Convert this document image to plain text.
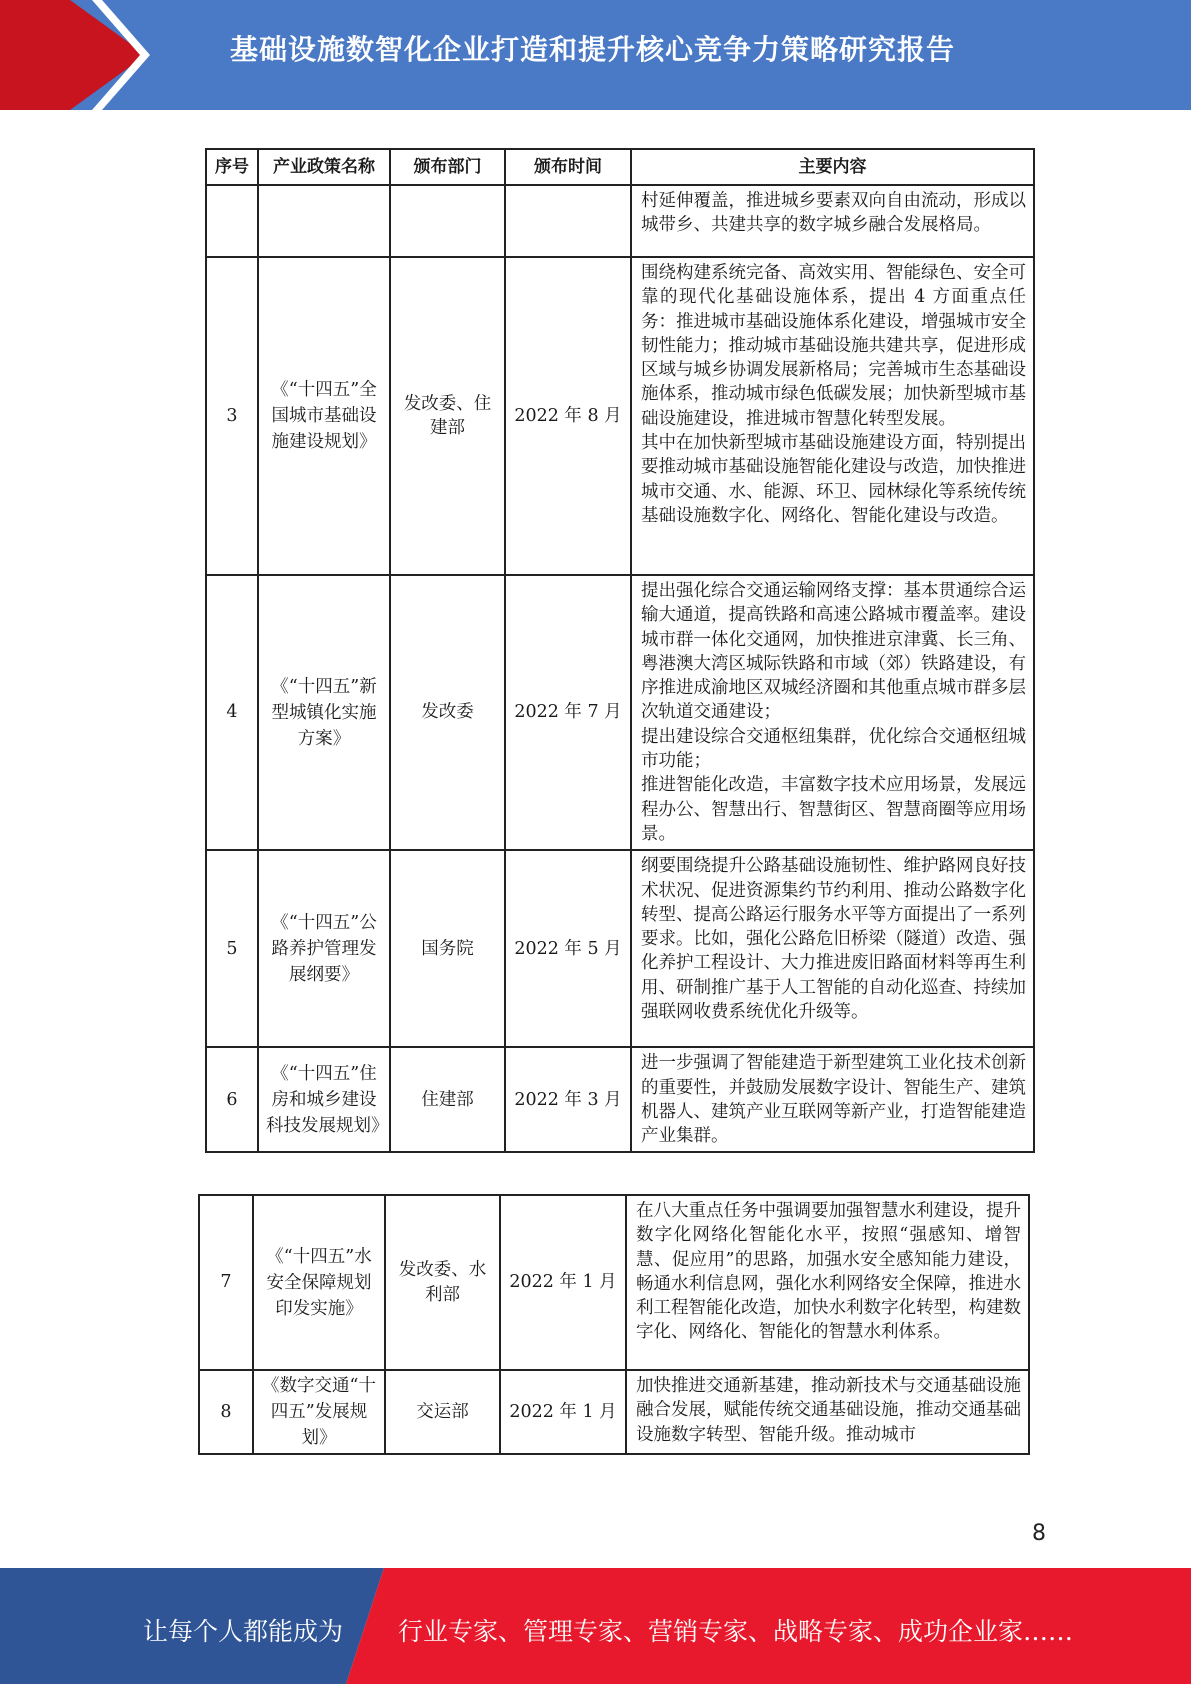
基础设施数智化企业打造和提升核心竞争力策略研究报告
序号	产业政策名称	颁布部门	颁布时间	主要内容
				村延伸覆盖，推进城乡要素双向自由流动，形成以城带乡、共建共享的数字城乡融合发展格局。
3	《“十四五”全国城市基础设施建设规划》	发改委、住建部	2022 年 8 月	围绕构建系统完备、高效实用、智能绿色、安全可靠的现代化基础设施体系，提出 4 方面重点任务：推进城市基础设施体系化建设，增强城市安全韧性能力；推动城市基础设施共建共享，促进形成区域与城乡协调发展新格局；完善城市生态基础设施体系，推动城市绿色低碳发展；加快新型城市基础设施建设，推进城市智慧化转型发展。
其中在加快新型城市基础设施建设方面，特别提出要推动城市基础设施智能化建设与改造，加快推进城市交通、水、能源、环卫、园林绿化等系统传统基础设施数字化、网络化、智能化建设与改造。
4	《“十四五”新型城镇化实施方案》	发改委	2022 年 7 月	提出强化综合交通运输网络支撑：基本贯通综合运输大通道，提高铁路和高速公路城市覆盖率。建设城市群一体化交通网，加快推进京津冀、长三角、粤港澳大湾区城际铁路和市域（郊）铁路建设，有序推进成渝地区双城经济圈和其他重点城市群多层次轨道交通建设；
提出建设综合交通枢纽集群，优化综合交通枢纽城市功能；
推进智能化改造，丰富数字技术应用场景，发展远程办公、智慧出行、智慧街区、智慧商圈等应用场景。
5	《“十四五”公路养护管理发展纲要》	国务院	2022 年 5 月	纲要围绕提升公路基础设施韧性、维护路网良好技术状况、促进资源集约节约利用、推动公路数字化转型、提高公路运行服务水平等方面提出了一系列要求。比如，强化公路危旧桥梁（隧道）改造、强化养护工程设计、大力推进废旧路面材料等再生利用、研制推广基于人工智能的自动化巡查、持续加强联网收费系统优化升级等。
6	《“十四五”住房和城乡建设科技发展规划》	住建部	2022 年 3 月	进一步强调了智能建造于新型建筑工业化技术创新的重要性，并鼓励发展数字设计、智能生产、建筑机器人、建筑产业互联网等新产业，打造智能建造产业集群。
7	《“十四五”水安全保障规划印发实施》	发改委、水利部	2022 年 1 月	在八大重点任务中强调要加强智慧水利建设，提升数字化网络化智能化水平，按照“强感知、增智慧、促应用”的思路，加强水安全感知能力建设，畅通水利信息网，强化水利网络安全保障，推进水利工程智能化改造，加快水利数字化转型，构建数字化、网络化、智能化的智慧水利体系。
8	《数字交通“十四五”发展规划》	交运部	2022 年 1 月	加快推进交通新基建，推动新技术与交通基础设施融合发展，赋能传统交通基础设施，推动交通基础设施数字转型、智能升级。推动城市
8
让每个人都能成为 行业专家、管理专家、营销专家、战略专家、成功企业家……
